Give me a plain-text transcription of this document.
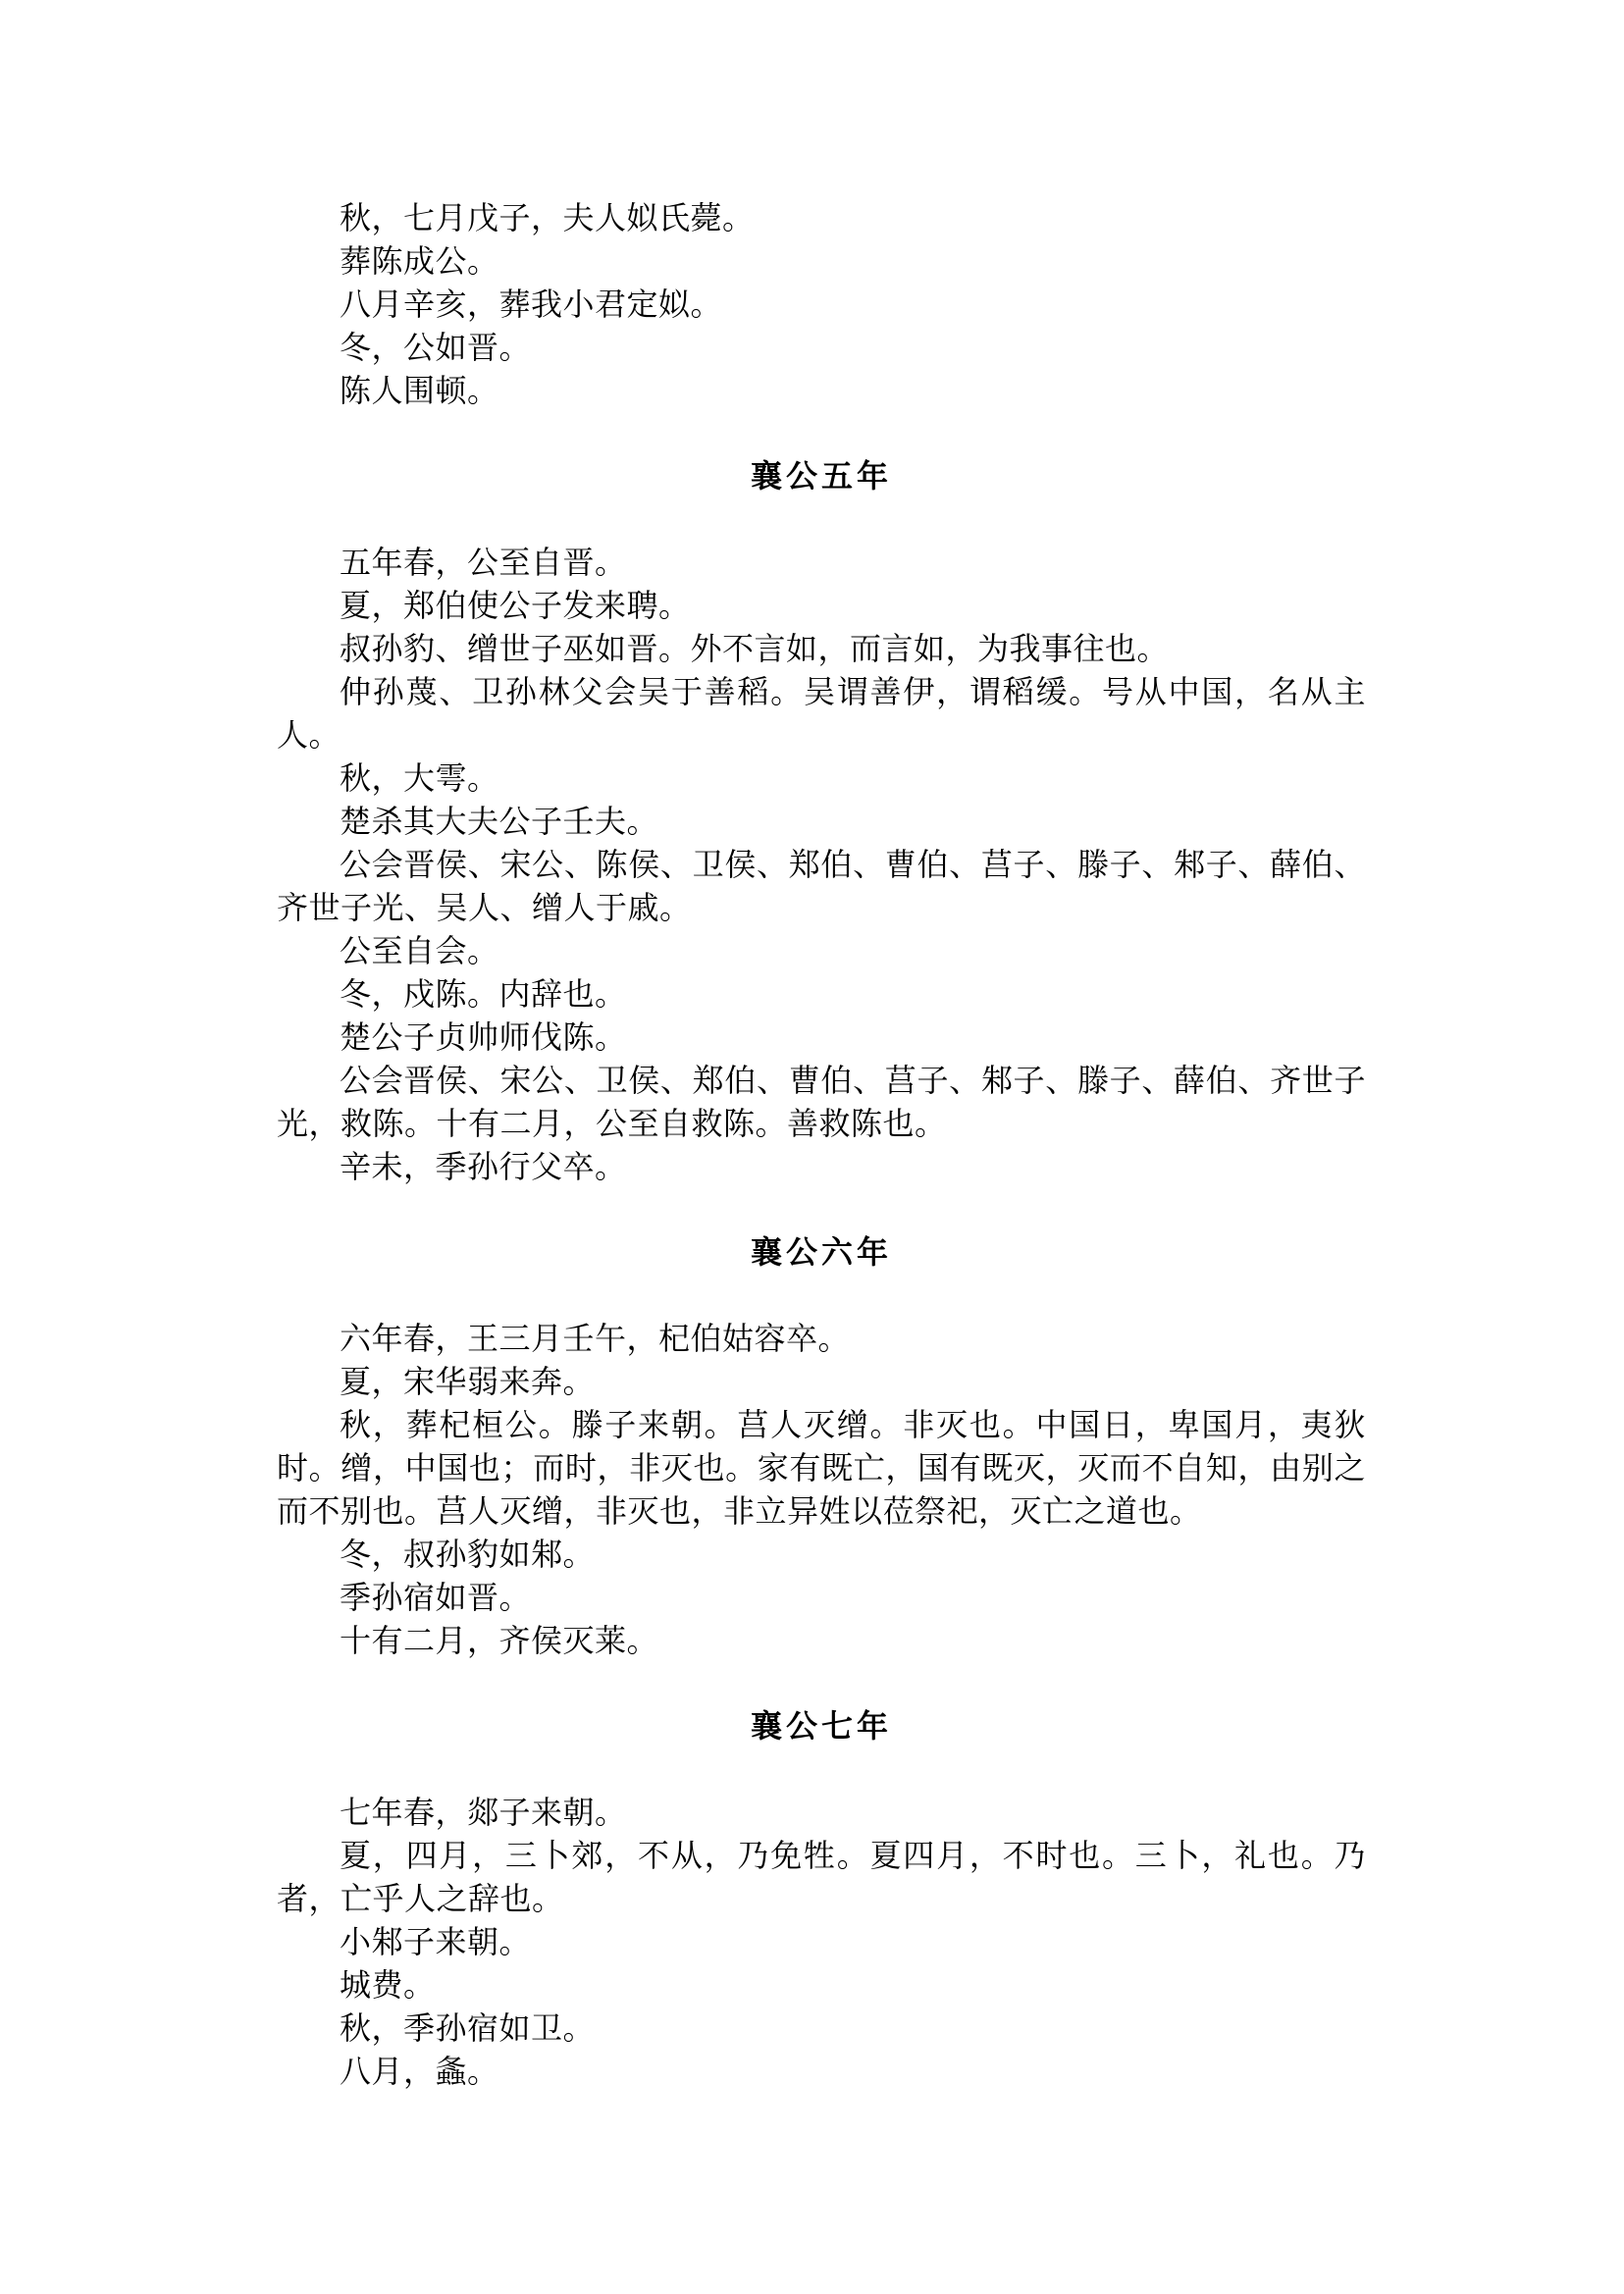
秋，七月戊子，夫人姒氏薨。

葬陈成公。

八月辛亥，葬我小君定姒。

冬，公如晋。

陈人围顿。

襄公五年

五年春，公至自晋。

夏，郑伯使公子发来聘。

叔孙豹、缯世子巫如晋。外不言如，而言如，为我事往也。

仲孙蔑、卫孙林父会吴于善稻。吴谓善伊，谓稻缓。号从中国，名从主人。

秋，大雩。

楚杀其大夫公子壬夫。

公会晋侯、宋公、陈侯、卫侯、郑伯、曹伯、莒子、滕子、邾子、薛伯、齐世子光、吴人、缯人于戚。

公至自会。

冬，戍陈。内辞也。

楚公子贞帅师伐陈。

公会晋侯、宋公、卫侯、郑伯、曹伯、莒子、邾子、滕子、薛伯、齐世子光，救陈。十有二月，公至自救陈。善救陈也。

辛未，季孙行父卒。

襄公六年

六年春，王三月壬午，杞伯姑容卒。

夏，宋华弱来奔。

秋，葬杞桓公。滕子来朝。莒人灭缯。非灭也。中国日，卑国月，夷狄时。缯，中国也；而时，非灭也。家有既亡，国有既灭，灭而不自知，由别之而不别也。莒人灭缯，非灭也，非立异姓以莅祭祀，灭亡之道也。

冬，叔孙豹如邾。

季孙宿如晋。

十有二月，齐侯灭莱。

襄公七年

七年春，郯子来朝。

夏，四月，三卜郊，不从，乃免牲。夏四月，不时也。三卜，礼也。乃者，亡乎人之辞也。

小邾子来朝。

城费。

秋，季孙宿如卫。

八月，螽。
